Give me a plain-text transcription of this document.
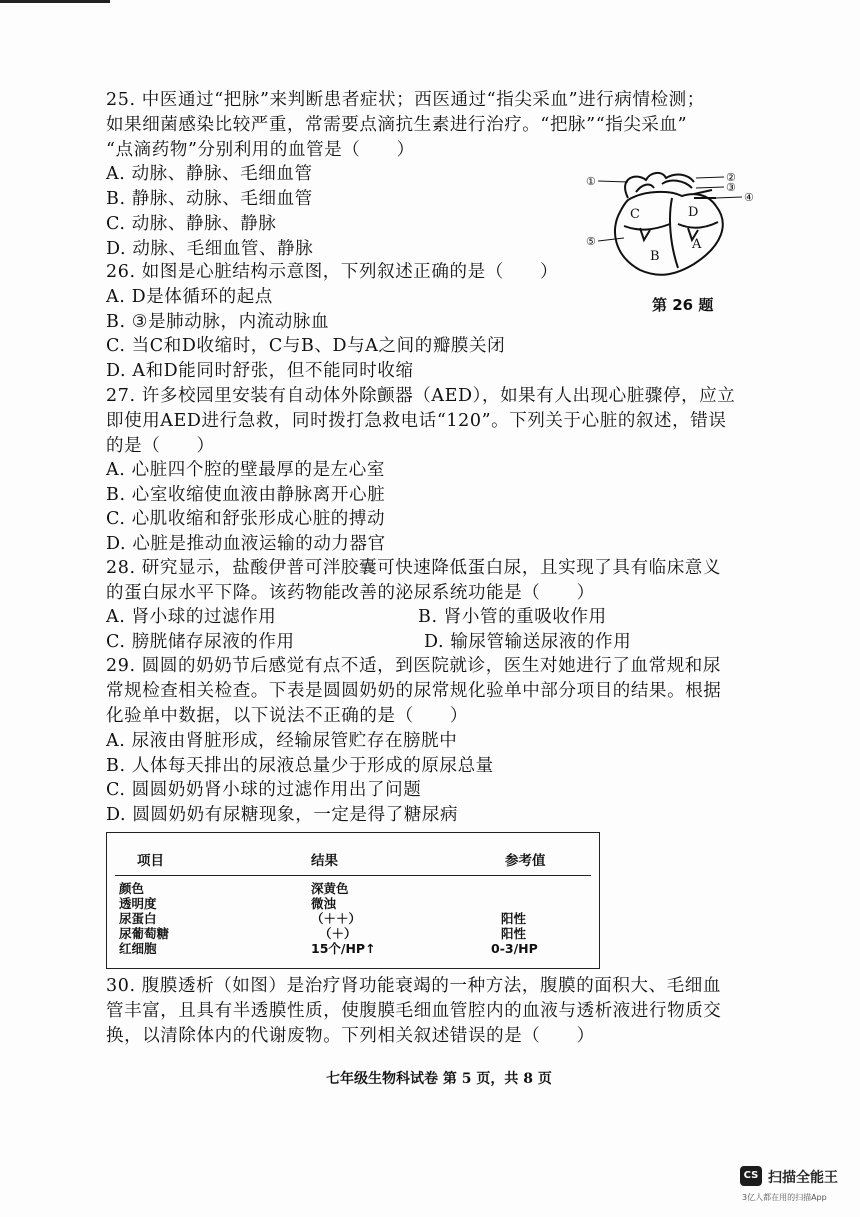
25. 中医通过“把脉”来判断患者症状；西医通过“指尖采血”进行病情检测；
如果细菌感染比较严重，常需要点滴抗生素进行治疗。“把脉”“指尖采血”
“点滴药物”分别利用的血管是（　　）
A. 动脉、静脉、毛细血管
B. 静脉、动脉、毛细血管
C. 动脉、静脉、静脉
D. 动脉、毛细血管、静脉
26. 如图是心脏结构示意图，下列叙述正确的是（　　）
A. D是体循环的起点
B. ③是肺动脉，内流动脉血
C. 当C和D收缩时，C与B、D与A之间的瓣膜关闭
D. A和D能同时舒张，但不能同时收缩
①	②
③
④
⑤
C	D
B
A
第 26 题
27. 许多校园里安装有自动体外除颤器（AED），如果有人出现心脏骤停，应立
即使用AED进行急救，同时拨打急救电话“120”。下列关于心脏的叙述，错误
的是（　　）
A. 心脏四个腔的壁最厚的是左心室
B. 心室收缩使血液由静脉离开心脏
C. 心肌收缩和舒张形成心脏的搏动
D. 心脏是推动血液运输的动力器官
28. 研究显示，盐酸伊普可泮胶囊可快速降低蛋白尿，且实现了具有临床意义
的蛋白尿水平下降。该药物能改善的泌尿系统功能是（　　）
A. 肾小球的过滤作用	B. 肾小管的重吸收作用
C. 膀胱储存尿液的作用	D. 输尿管输送尿液的作用
29. 圆圆的奶奶节后感觉有点不适，到医院就诊，医生对她进行了血常规和尿
常规检查相关检查。下表是圆圆奶奶的尿常规化验单中部分项目的结果。根据
化验单中数据，以下说法不正确的是（　　）
A. 尿液由肾脏形成，经输尿管贮存在膀胱中
B. 人体每天排出的尿液总量少于形成的原尿总量
C. 圆圆奶奶肾小球的过滤作用出了问题
D. 圆圆奶奶有尿糖现象，一定是得了糖尿病
项目	结果	参考值
颜色	深黄色
透明度	微浊
尿蛋白	（＋＋）	阳性
尿葡萄糖	（＋）	阳性
红细胞	15个/HP↑	0-3/HP
30. 腹膜透析（如图）是治疗肾功能衰竭的一种方法，腹膜的面积大、毛细血
管丰富，且具有半透膜性质，使腹膜毛细血管腔内的血液与透析液进行物质交
换，以清除体内的代谢废物。下列相关叙述错误的是（　　）
七年级生物科试卷 第 5 页，共 8 页
CS 扫描全能王
3亿人都在用的扫描App
